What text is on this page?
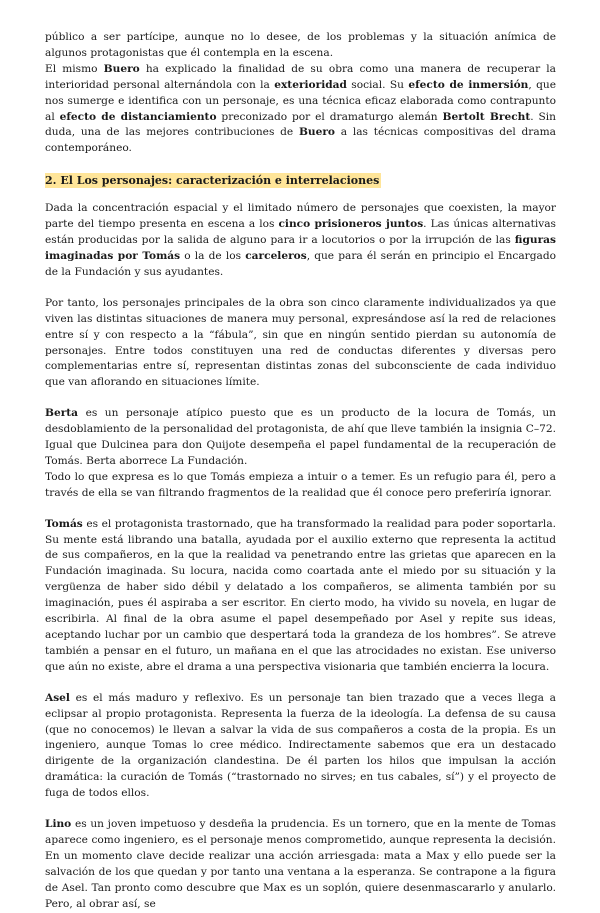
público a ser partícipe, aunque no lo desee, de los problemas y la situación anímica de algunos protagonistas que él contempla en la escena.

El mismo Buero ha explicado la finalidad de su obra como una manera de recuperar la interioridad personal alternándola con la exterioridad social. Su efecto de inmersión, que nos sumerge e identifica con un personaje, es una técnica eficaz elaborada como contrapunto al efecto de distanciamiento preconizado por el dramaturgo alemán Bertolt Brecht. Sin duda, una de las mejores contribuciones de Buero a las técnicas compositivas del drama contemporáneo.

2. El Los personajes: caracterización e interrelaciones

Dada la concentración espacial y el limitado número de personajes que coexisten, la mayor parte del tiempo presenta en escena a los cinco prisioneros juntos. Las únicas alternativas están producidas por la salida de alguno para ir a locutorios o por la irrupción de las figuras imaginadas por Tomás o la de los carceleros, que para él serán en principio el Encargado de la Fundación y sus ayudantes.

Por tanto, los personajes principales de la obra son cinco claramente individualizados ya que viven las distintas situaciones de manera muy personal, expresándose así la red de relaciones entre sí y con respecto a la “fábula”, sin que en ningún sentido pierdan su autonomía de personajes. Entre todos constituyen una red de conductas diferentes y diversas pero complementarias entre sí, representan distintas zonas del subconsciente de cada individuo que van aflorando en situaciones límite.

Berta es un personaje atípico puesto que es un producto de la locura de Tomás, un desdoblamiento de la personalidad del protagonista, de ahí que lleve también la insignia C–72. Igual que Dulcinea para don Quijote desempeña el papel fundamental de la recuperación de Tomás. Berta aborrece La Fundación.

Todo lo que expresa es lo que Tomás empieza a intuir o a temer. Es un refugio para él, pero a través de ella se van filtrando fragmentos de la realidad que él conoce pero preferiría ignorar.

Tomás es el protagonista trastornado, que ha transformado la realidad para poder soportarla. Su mente está librando una batalla, ayudada por el auxilio externo que representa la actitud de sus compañeros, en la que la realidad va penetrando entre las grietas que aparecen en la Fundación imaginada. Su locura, nacida como coartada ante el miedo por su situación y la vergüenza de haber sido débil y delatado a los compañeros, se alimenta también por su imaginación, pues él aspiraba a ser escritor. En cierto modo, ha vivido su novela, en lugar de escribirla. Al final de la obra asume el papel desempeñado por Asel y repite sus ideas, aceptando luchar por un cambio que despertará toda la grandeza de los hombres”. Se atreve también a pensar en el futuro, un mañana en el que las atrocidades no existan. Ese universo que aún no existe, abre el drama a una perspectiva visionaria que también encierra la locura.

Asel es el más maduro y reflexivo. Es un personaje tan bien trazado que a veces llega a eclipsar al propio protagonista. Representa la fuerza de la ideología. La defensa de su causa (que no conocemos) le llevan a salvar la vida de sus compañeros a costa de la propia. Es un ingeniero, aunque Tomas lo cree médico. Indirectamente sabemos que era un destacado dirigente de la organización clandestina. De él parten los hilos que impulsan la acción dramática: la curación de Tomás (“trastornado no sirves; en tus cabales, sí”) y el proyecto de fuga de todos ellos.

Lino es un joven impetuoso y desdeña la prudencia. Es un tornero, que en la mente de Tomas aparece como ingeniero, es el personaje menos comprometido, aunque representa la decisión. En un momento clave decide realizar una acción arriesgada: mata a Max y ello puede ser la salvación de los que quedan y por tanto una ventana a la esperanza. Se contrapone a la figura de Asel. Tan pronto como descubre que Max es un soplón, quiere desenmascararlo y anularlo. Pero, al obrar así, se
